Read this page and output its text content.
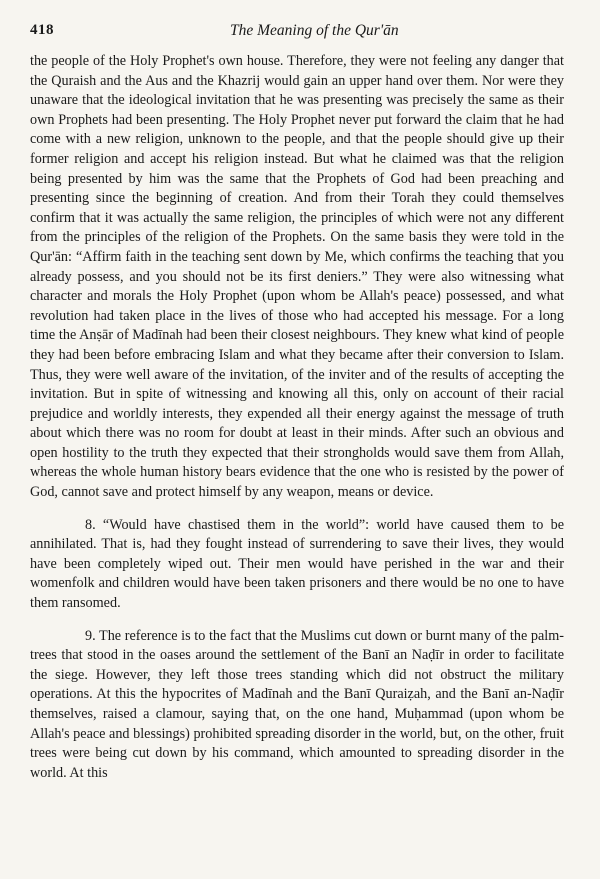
418	The Meaning of the Qur'ān

the people of the Holy Prophet's own house. Therefore, they were not feeling any danger that the Quraish and the Aus and the Khazrij would gain an upper hand over them. Nor were they unaware that the ideological invitation that he was presenting was precisely the same as their own Prophets had been presenting. The Holy Prophet never put forward the claim that he had come with a new religion, unknown to the people, and that the people should give up their former religion and accept his religion instead. But what he claimed was that the religion being presented by him was the same that the Prophets of God had been preaching and presenting since the beginning of creation. And from their Torah they could themselves confirm that it was actually the same religion, the principles of which were not any different from the principles of the religion of the Prophets. On the same basis they were told in the Qur'ān: “Affirm faith in the teaching sent down by Me, which confirms the teaching that you already possess, and you should not be its first deniers.” They were also witnessing what character and morals the Holy Prophet (upon whom be Allah's peace) possessed, and what revolution had taken place in the lives of those who had accepted his message. For a long time the Anṣār of Madīnah had been their closest neighbours. They knew what kind of people they had been before embracing Islam and what they became after their conversion to Islam. Thus, they were well aware of the invitation, of the inviter and of the results of accepting the invitation. But in spite of witnessing and knowing all this, only on account of their racial prejudice and worldly interests, they expended all their energy against the message of truth about which there was no room for doubt at least in their minds. After such an obvious and open hostility to the truth they expected that their strongholds would save them from Allah, whereas the whole human history bears evidence that the one who is resisted by the power of God, cannot save and protect himself by any weapon, means or device.

8. “Would have chastised them in the world”: world have caused them to be annihilated. That is, had they fought instead of surrendering to save their lives, they would have been completely wiped out. Their men would have perished in the war and their womenfolk and children would have been taken prisoners and there would be no one to have them ransomed.

9. The reference is to the fact that the Muslims cut down or burnt many of the palm-trees that stood in the oases around the settlement of the Banī an Naḍīr in order to facilitate the siege. However, they left those trees standing which did not obstruct the military operations. At this the hypocrites of Madīnah and the Banī Quraiẓah, and the Banī an-Naḍīr themselves, raised a clamour, saying that, on the one hand, Muḥammad (upon whom be Allah's peace and blessings) prohibited spreading disorder in the world, but, on the other, fruit trees were being cut down by his command, which amounted to spreading disorder in the world. At this
